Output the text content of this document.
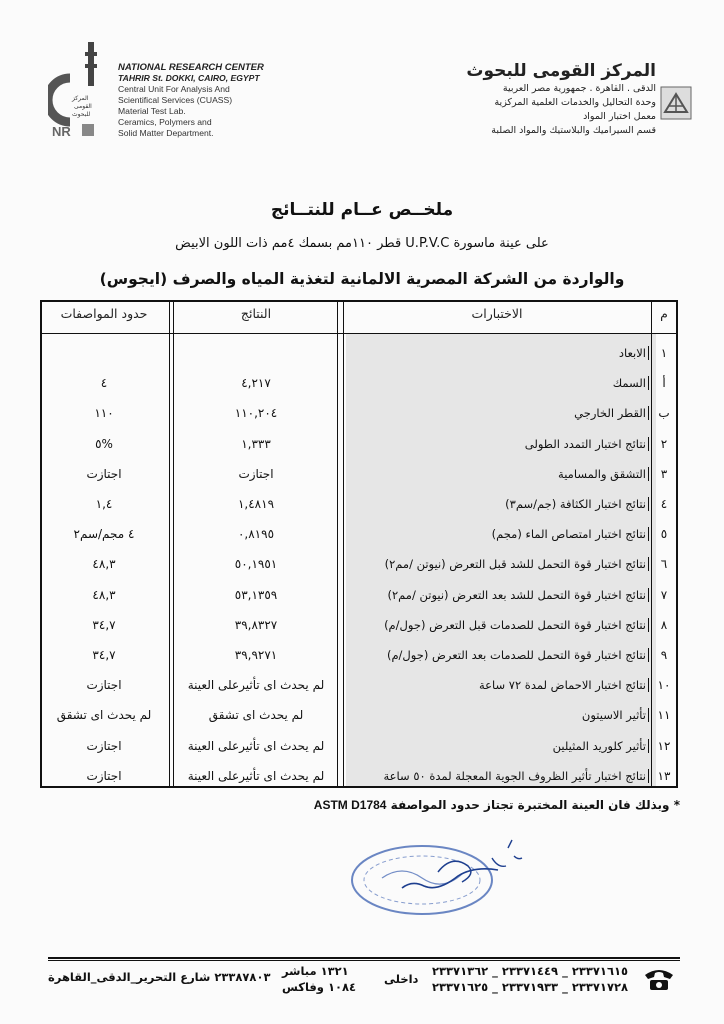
المركز
القومى
للبحوث
NR
NATIONAL RESEARCH CENTER
TAHRIR St. DOKKI, CAIRO, EGYPT
Central Unit For Analysis And
Scientifical Services (CUASS)
Material Test Lab.
Ceramics, Polymers and
Solid Matter Department.
المركز القومى للبحوث
الدقى . القاهرة . جمهورية مصر العربية
وحدة التحاليل والخدمات العلمية المركزية
معمل اختبار المواد
قسم السيراميك والبلاستيك والمواد الصلبة
ملخــص عــام للنتــائج
على عينة ماسورة U.P.V.C قطر ١١٠مم بسمك ٤مم ذات اللون الابيض
والواردة من الشركة المصرية الالمانية لتغذية المياه والصرف (ايجوس)
م
الاختبارات
النتائج
حدود المواصفات
١
الابعاد
أ
السمك
٤,٢١٧
٤
ب
القطر الخارجي
١١٠,٢٠٤
١١٠
٢
نتائج اختبار التمدد الطولى
١,٣٣٣
%٥
٣
التشقق والمسامية
اجتازت
اجتازت
٤
نتائج اختبار الكثافة (جم/سم٣)
١,٤٨١٩
١,٤
٥
نتائج اختبار امتصاص الماء (مجم)
٠,٨١٩٥
٤ مجم/سم٢
٦
نتائج اختبار قوة التحمل للشد قبل التعرض (نيوتن /مم٢)
٥٠,١٩٥١
٤٨,٣
٧
نتائج اختبار قوة التحمل للشد بعد التعرض (نيوتن /مم٢)
٥٣,١٣٥٩
٤٨,٣
٨
نتائج اختبار قوة التحمل للصدمات قبل التعرض (جول/م)
٣٩,٨٣٢٧
٣٤,٧
٩
نتائج اختبار قوة التحمل للصدمات بعد التعرض (جول/م)
٣٩,٩٢٧١
٣٤,٧
١٠
نتائج اختبار الاحماض لمدة ٧٢ ساعة
لم يحدث اى تأثيرعلى العينة
اجتازت
١١
تأثير الاسيتون
لم يحدث اى تشقق
لم يحدث اى تشقق
١٢
تأثير كلوريد المثيلين
لم يحدث اى تأثيرعلى العينة
اجتازت
١٣
نتائج اختبار تأثير الظروف الجوية المعجلة لمدة ٥٠ ساعة
لم يحدث اى تأثيرعلى العينة
اجتازت
* وبذلك فان العينة المختبرة تجتاز حدود المواصفة ASTM D1784
٢٣٣٧١٦١٥ _ ٢٣٣٧١٤٤٩ _ ٢٣٣٧١٣٦٢
٢٣٣٧١٧٢٨ _ ٢٣٣٧١٩٣٣ _ ٢٣٣٧١٦٢٥
داخلى
١٣٢١ مباشر
١٠٨٤ وفاكس
٢٣٣٨٧٨٠٣ شارع التحرير_الدقى_القاهرة
